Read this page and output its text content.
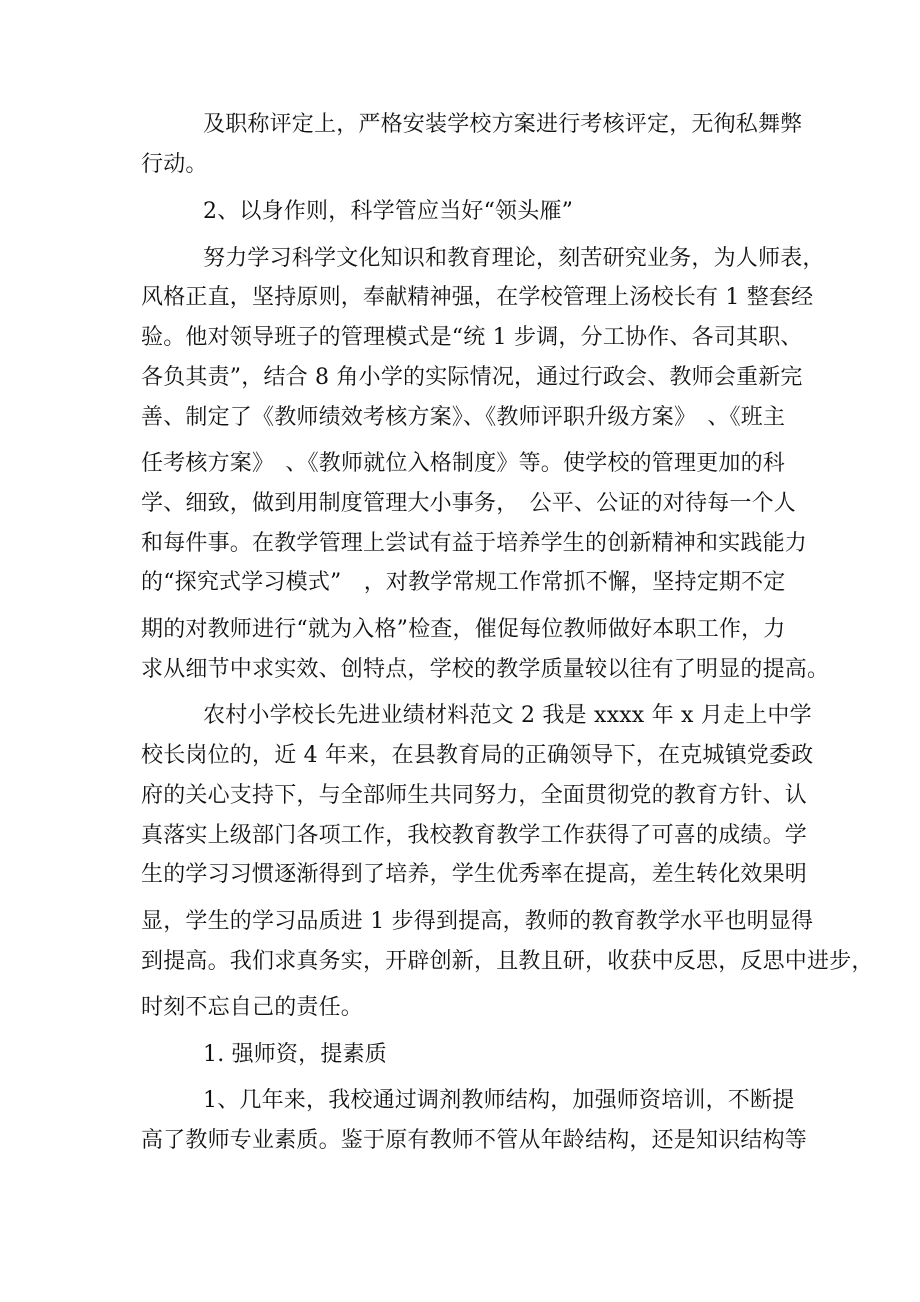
及职称评定上，严格安装学校方案进行考核评定，无徇私舞弊
行动。
2、以身作则，科学管应当好“领头雁”
努力学习科学文化知识和教育理论，刻苦研究业务，为人师表，
风格正直，坚持原则，奉献精神强，在学校管理上汤校长有 1 整套经
验。他对领导班子的管理模式是“统 1 步调，分工协作、各司其职、
各负其责”，结合 8 角小学的实际情况，通过行政会、教师会重新完
善、制定了《教师绩效考核方案》、《教师评职升级方案》　、《班主
任考核方案》　、《教师就位入格制度》等。使学校的管理更加的科
学、细致，做到用制度管理大小事务，　公平、公证的对待每一个人
和每件事。在教学管理上尝试有益于培养学生的创新精神和实践能力
的“探究式学习模式”　，对教学常规工作常抓不懈，坚持定期不定
期的对教师进行“就为入格”检查，催促每位教师做好本职工作，力
求从细节中求实效、创特点，学校的教学质量较以往有了明显的提高。
农村小学校长先进业绩材料范文 2 我是 xxxx 年 x 月走上中学
校长岗位的，近 4 年来，在县教育局的正确领导下，在克城镇党委政
府的关心支持下，与全部师生共同努力，全面贯彻党的教育方针、认
真落实上级部门各项工作，我校教育教学工作获得了可喜的成绩。学
生的学习习惯逐渐得到了培养，学生优秀率在提高，差生转化效果明
显，学生的学习品质进 1 步得到提高，教师的教育教学水平也明显得
到提高。我们求真务实，开辟创新，且教且研，收获中反思，反思中进步，
时刻不忘自己的责任。
1. 强师资，提素质
1、几年来，我校通过调剂教师结构，加强师资培训，不断提
高了教师专业素质。鉴于原有教师不管从年龄结构，还是知识结构等
